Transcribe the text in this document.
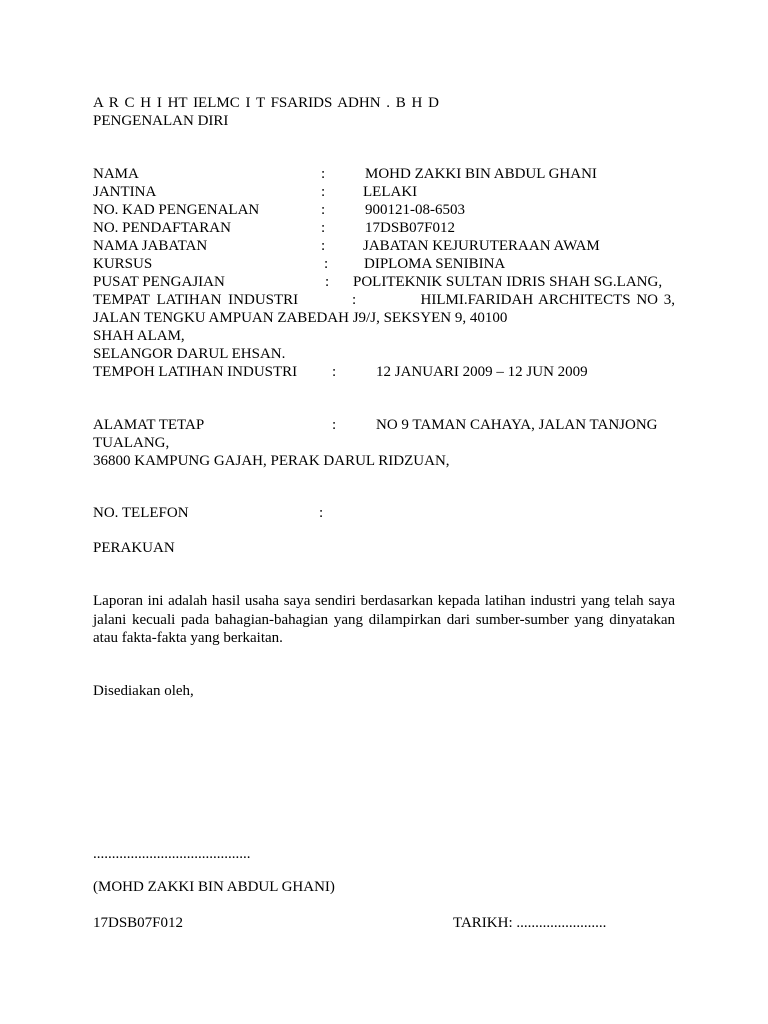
A R C H I HT IELMC I T FSARIDS ADHN . B H D
PENGENALAN DIRI
NAMA	:	MOHD ZAKKI BIN ABDUL GHANI
JANTINA	:	LELAKI
NO. KAD PENGENALAN	:	900121-08-6503
NO. PENDAFTARAN	:	17DSB07F012
NAMA JABATAN	:	JABATAN KEJURUTERAAN AWAM
KURSUS	: DIPLOMA SENIBINA
PUSAT PENGAJIAN	: POLITEKNIK SULTAN IDRIS SHAH SG.LANG,
TEMPAT LATIHAN INDUSTRI	:	HILMI.FARIDAH ARCHITECTS NO 3,
JALAN TENGKU AMPUAN ZABEDAH J9/J, SEKSYEN 9, 40100
SHAH ALAM,
SELANGOR DARUL EHSAN.
TEMPOH LATIHAN INDUSTRI :	12 JANUARI 2009 – 12 JUN 2009
ALAMAT TETAP	:	NO 9 TAMAN CAHAYA, JALAN TANJONG
TUALANG,
36800 KAMPUNG GAJAH, PERAK DARUL RIDZUAN,
NO. TELEFON	:
PERAKUAN
Laporan ini adalah hasil usaha saya sendiri berdasarkan kepada latihan industri yang telah saya jalani kecuali pada bahagian-bahagian yang dilampirkan dari sumber-sumber yang dinyatakan atau fakta-fakta yang berkaitan.
Disediakan oleh,
..........................................
(MOHD ZAKKI BIN ABDUL GHANI)
17DSB07F012	TARIKH: ........................
